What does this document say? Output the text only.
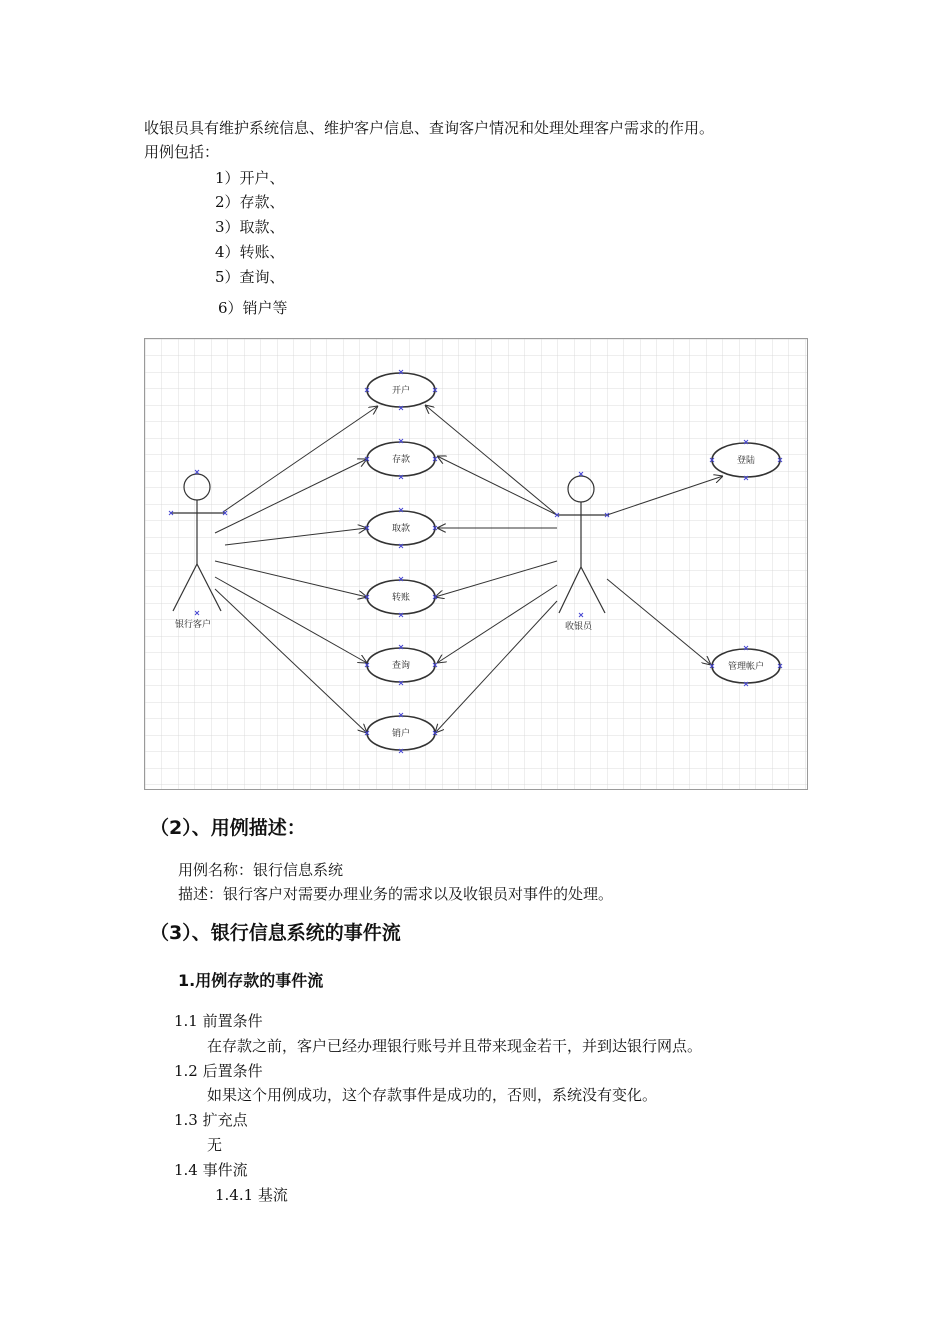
收银员具有维护系统信息、维护客户信息、查询客户情况和处理处理客户需求的作用。
用例包括：
1）开户、
2）存款、
3）取款、
4）转账、
5）查询、
6）销户等
银行客户	收银员
开户
存款
取款
转账
查询
销户
登陆
管理帐户
（2）、用例描述：
用例名称：银行信息系统
描述：银行客户对需要办理业务的需求以及收银员对事件的处理。
（3）、银行信息系统的事件流
1.用例存款的事件流
1.1 前置条件
在存款之前，客户已经办理银行账号并且带来现金若干，并到达银行网点。
1.2 后置条件
如果这个用例成功，这个存款事件是成功的，否则，系统没有变化。
1.3 扩充点
无
1.4 事件流
1.4.1 基流
